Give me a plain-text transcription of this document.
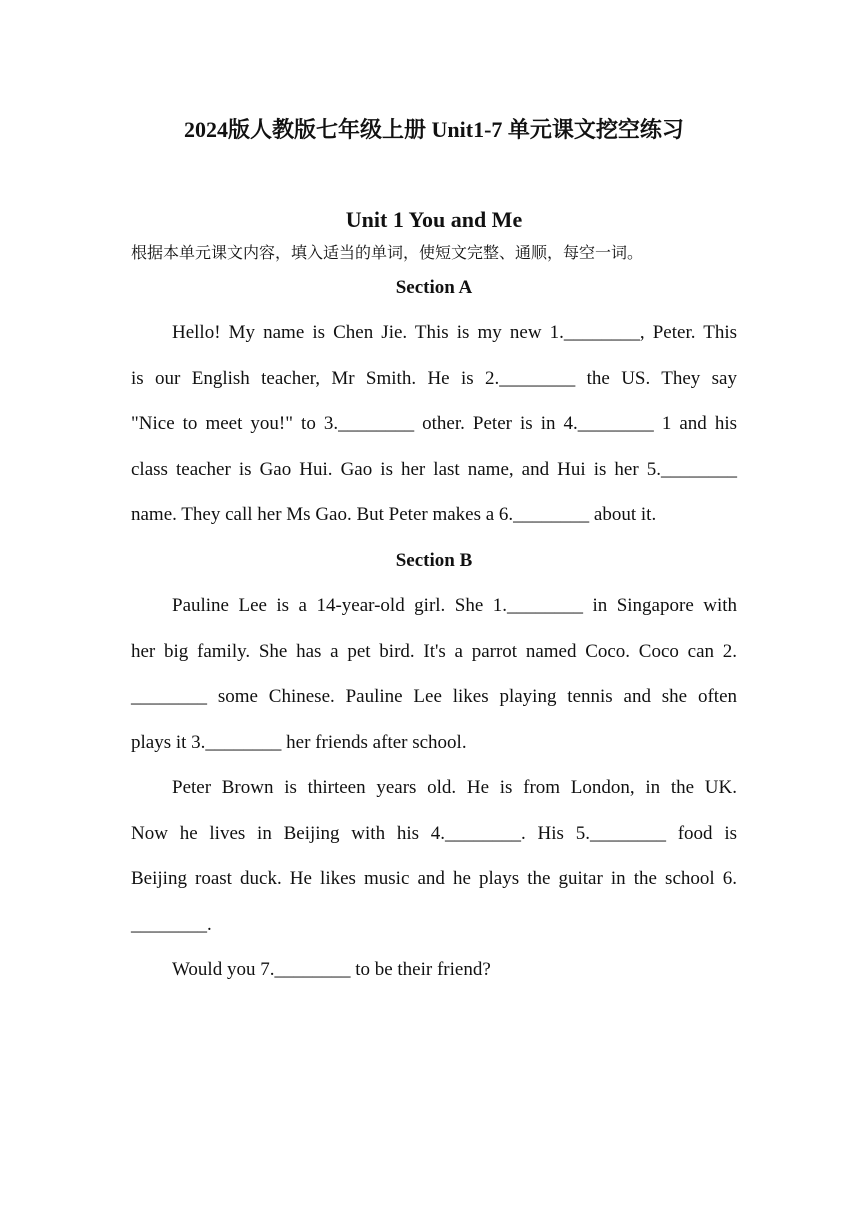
2024版人教版七年级上册 Unit1-7 单元课文挖空练习
Unit 1 You and Me
根据本单元课文内容，填入适当的单词，使短文完整、通顺，每空一词。
Section A
Hello! My name is Chen Jie. This is my new 1.________, Peter. This
is our English teacher, Mr Smith. He is 2.________ the US. They say
"Nice to meet you!" to 3.________ other. Peter is in 4.________ 1 and his
class teacher is Gao Hui. Gao is her last name, and Hui is her 5.________
name. They call her Ms Gao. But Peter makes a 6.________ about it.
Section B
Pauline Lee is a 14-year-old girl. She 1.________ in Singapore with
her big family. She has a pet bird. It's a parrot named Coco. Coco can 2.
________ some Chinese. Pauline Lee likes playing tennis and she often
plays it 3.________ her friends after school.
Peter Brown is thirteen years old. He is from London, in the UK.
Now he lives in Beijing with his 4.________. His 5.________ food is
Beijing roast duck. He likes music and he plays the guitar in the school 6.
________.
Would you 7.________ to be their friend?
